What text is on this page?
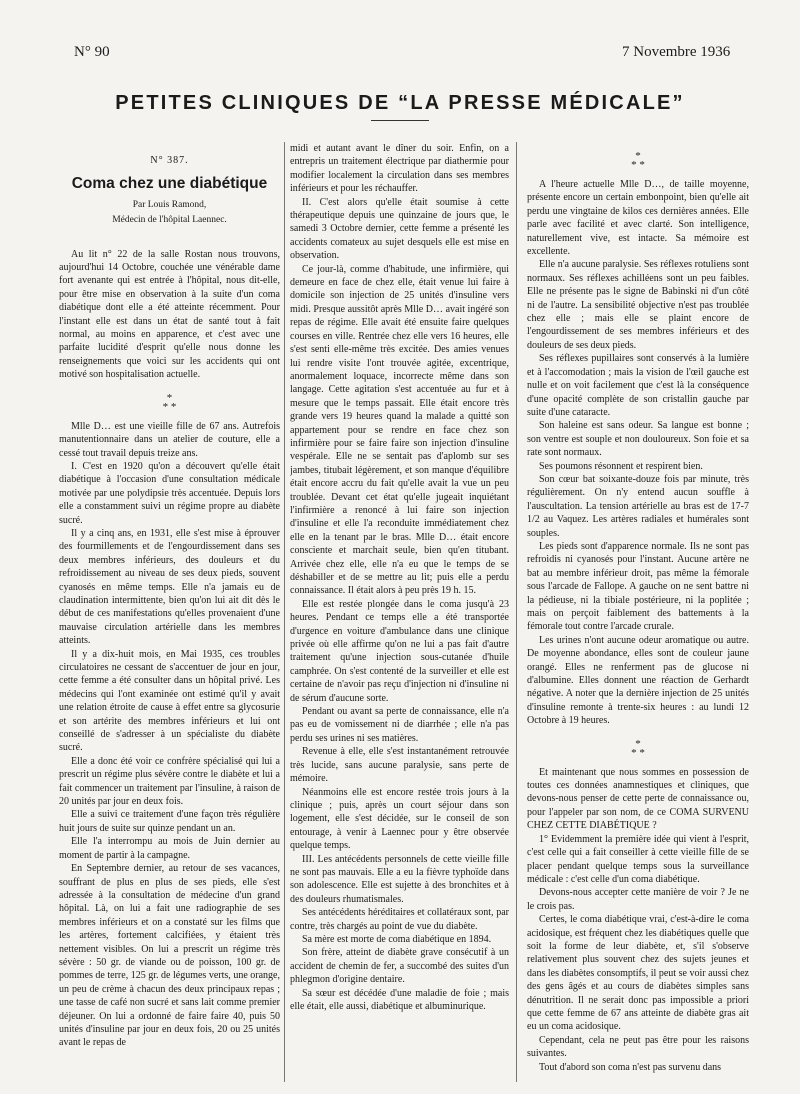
N° 90	7 Novembre 1936
PETITES CLINIQUES DE “LA PRESSE MÉDICALE”
N° 387.
Coma chez une diabétique
Par Louis Ramond,
Médecin de l'hôpital Laennec.

Au lit n° 22 de la salle Rostan nous trouvons, aujourd'hui 14 Octobre, couchée une vénérable dame fort avenante qui est entrée à l'hôpital, nous dit-elle, pour être mise en observation à la suite d'un coma diabétique dont elle a été atteinte récemment. Pour l'instant elle est dans un état de santé tout à fait normal, au moins en apparence, et c'est avec une parfaite lucidité d'esprit qu'elle nous donne les renseignements que voici sur les accidents qui ont motivé son hospitalisation actuelle.

*
* *

Mlle D… est une vieille fille de 67 ans. Autrefois manutentionnaire dans un atelier de couture, elle a cessé tout travail depuis treize ans.

I. C'est en 1920 qu'on a découvert qu'elle était diabétique à l'occasion d'une consultation médicale motivée par une polydipsie très accentuée. Depuis lors elle a constamment suivi un régime propre au diabète sucré.

Il y a cinq ans, en 1931, elle s'est mise à éprouver des fourmillements et de l'engourdissement dans ses deux membres inférieurs, des douleurs et du refroidissement au niveau de ses deux pieds, souvent cyanosés en même temps. Elle n'a jamais eu de claudination intermittente, bien qu'on lui ait dit dès le début de ces manifestations qu'elles provenaient d'une mauvaise circulation artérielle dans les membres atteints.

Il y a dix-huit mois, en Mai 1935, ces troubles circulatoires ne cessant de s'accentuer de jour en jour, cette femme a été consulter dans un hôpital privé. Les médecins qui l'ont examinée ont estimé qu'il y avait une relation étroite de cause à effet entre sa glycosurie et son artérite des membres inférieurs et lui ont conseillé de s'adresser à un spécialiste du diabète sucré.

Elle a donc été voir ce confrère spécialisé qui lui a prescrit un régime plus sévère contre le diabète et lui a fait commencer un traitement par l'insuline, à raison de 20 unités par jour en deux fois.

Elle a suivi ce traitement d'une façon très régulière huit jours de suite sur quinze pendant un an.

Elle l'a interrompu au mois de Juin dernier au moment de partir à la campagne.

En Septembre dernier, au retour de ses vacances, souffrant de plus en plus de ses pieds, elle s'est adressée à la consultation de médecine d'un grand hôpital. Là, on lui a fait une radiographie de ses membres inférieurs et on a constaté sur les films que les artères, fortement calcifiées, y étaient très nettement visibles. On lui a prescrit un régime très sévère : 50 gr. de viande ou de poisson, 100 gr. de pommes de terre, 125 gr. de légumes verts, une orange, un peu de crème à chacun des deux principaux repas ; une tasse de café non sucré et sans lait comme premier déjeuner. On lui a ordonné de faire faire 40, puis 50 unités d'insuline par jour en deux fois, 20 ou 25 unités avant le repas de

midi et autant avant le dîner du soir. Enfin, on a entrepris un traitement électrique par diathermie pour modifier localement la circulation dans ses membres inférieurs et pour les réchauffer.

II. C'est alors qu'elle était soumise à cette thérapeutique depuis une quinzaine de jours que, le samedi 3 Octobre dernier, cette femme a présenté les accidents comateux au sujet desquels elle est mise en observation.

Ce jour-là, comme d'habitude, une infirmière, qui demeure en face de chez elle, était venue lui faire à domicile son injection de 25 unités d'insuline vers midi. Presque aussitôt après Mlle D… avait ingéré son repas de régime. Elle avait été ensuite faire quelques courses en ville. Rentrée chez elle vers 16 heures, elle s'est senti elle-même très excitée. Des amies venues lui rendre visite l'ont trouvée agitée, excentrique, anormalement loquace, incorrecte même dans son langage. Cette agitation s'est accentuée au fur et à mesure que le temps passait. Elle était encore très grande vers 19 heures quand la malade a quitté son appartement pour se rendre en face chez son infirmière pour se faire faire son injection d'insuline vespérale. Elle ne se sentait pas d'aplomb sur ses jambes, titubait légèrement, et son manque d'équilibre était encore accru du fait qu'elle avait la vue un peu troublée. Devant cet état qu'elle jugeait inquiétant l'infirmière a renoncé à lui faire son injection d'insuline et elle l'a reconduite immédiatement chez elle en la tenant par le bras. Mlle D… était encore consciente et marchait seule, bien qu'en titubant. Arrivée chez elle, elle n'a eu que le temps de se déshabiller et de se mettre au lit; puis elle a perdu connaissance. Il était alors à peu près 19 h. 15.

Elle est restée plongée dans le coma jusqu'à 23 heures. Pendant ce temps elle a été transportée d'urgence en voiture d'ambulance dans une clinique privée où elle affirme qu'on ne lui a pas fait d'autre traitement qu'une injection sous-cutanée d'huile camphrée. On s'est contenté de la surveiller et elle est certaine de n'avoir pas reçu d'injection ni d'insuline ni de sérum d'aucune sorte.

Pendant ou avant sa perte de connaissance, elle n'a pas eu de vomissement ni de diarrhée ; elle n'a pas perdu ses urines ni ses matières.

Revenue à elle, elle s'est instantanément retrouvée très lucide, sans aucune paralysie, sans perte de mémoire.

Néanmoins elle est encore restée trois jours à la clinique ; puis, après un court séjour dans son logement, elle s'est décidée, sur le conseil de son entourage, à venir à Laennec pour y être observée quelque temps.

III. Les antécédents personnels de cette vieille fille ne sont pas mauvais. Elle a eu la fièvre typhoïde dans son adolescence. Elle est sujette à des bronchites et à des douleurs rhumatismales.

Ses antécédents héréditaires et collatéraux sont, par contre, très chargés au point de vue du diabète.

Sa mère est morte de coma diabétique en 1894.

Son frère, atteint de diabète grave consécutif à un accident de chemin de fer, a succombé des suites d'un phlegmon d'origine dentaire.

Sa sœur est décédée d'une maladie de foie ; mais elle était, elle aussi, diabétique et albuminurique.

*
* *

A l'heure actuelle Mlle D…, de taille moyenne, présente encore un certain embonpoint, bien qu'elle ait perdu une vingtaine de kilos ces dernières années. Elle parle avec facilité et avec clarté. Son intelligence, naturellement vive, est intacte. Sa mémoire est excellente.

Elle n'a aucune paralysie. Ses réflexes rotuliens sont normaux. Ses réflexes achilléens sont un peu faibles. Elle ne présente pas le signe de Babinski ni d'un côté ni de l'autre. La sensibilité objective n'est pas troublée chez elle ; mais elle se plaint encore de l'engourdissement de ses membres inférieurs et des douleurs de ses deux pieds.

Ses réflexes pupillaires sont conservés à la lumière et à l'accomodation ; mais la vision de l'œil gauche est nulle et on voit facilement que c'est là la conséquence d'une opacité complète de son cristallin gauche par suite d'une cataracte.

Son haleine est sans odeur. Sa langue est bonne ; son ventre est souple et non douloureux. Son foie et sa rate sont normaux.

Ses poumons résonnent et respirent bien.

Son cœur bat soixante-douze fois par minute, très régulièrement. On n'y entend aucun souffle à l'auscultation. La tension artérielle au bras est de 17-7 1/2 au Vaquez. Les artères radiales et humérales sont souples.

Les pieds sont d'apparence normale. Ils ne sont pas refroidis ni cyanosés pour l'instant. Aucune artère ne bat au membre inférieur droit, pas même la fémorale sous l'arcade de Fallope. A gauche on ne sent battre ni la pédieuse, ni la tibiale postérieure, ni la poplitée ; mais on perçoit faiblement des battements à la fémorale tout contre l'arcade crurale.

Les urines n'ont aucune odeur aromatique ou autre. De moyenne abondance, elles sont de couleur jaune orangé. Elles ne renferment pas de glucose ni d'albumine. Elles donnent une réaction de Gerhardt négative. A noter que la dernière injection de 25 unités d'insuline remonte à trente-six heures : au lundi 12 Octobre à 19 heures.

*
* *

Et maintenant que nous sommes en possession de toutes ces données anamnestiques et cliniques, que devons-nous penser de cette perte de connaissance ou, pour l'appeler par son nom, de ce COMA SURVENU CHEZ CETTE DIABÉTIQUE ?

1° Evidemment la première idée qui vient à l'esprit, c'est celle qui a fait conseiller à cette vieille fille de se placer pendant quelque temps sous la surveillance médicale : c'est celle d'un coma diabétique.

Devons-nous accepter cette manière de voir ? Je ne le crois pas.

Certes, le coma diabétique vrai, c'est-à-dire le coma acidosique, est fréquent chez les diabétiques quelle que soit la forme de leur diabète, et, s'il s'observe relativement plus souvent chez des sujets jeunes et dans les diabètes consomptifs, il peut se voir aussi chez des gens âgés et au cours de diabètes simples sans dénutrition. Il ne serait donc pas impossible a priori que cette femme de 67 ans atteinte de diabète gras ait eu un coma acidosique.

Cependant, cela ne peut pas être pour les raisons suivantes.

Tout d'abord son coma n'est pas survenu dans
